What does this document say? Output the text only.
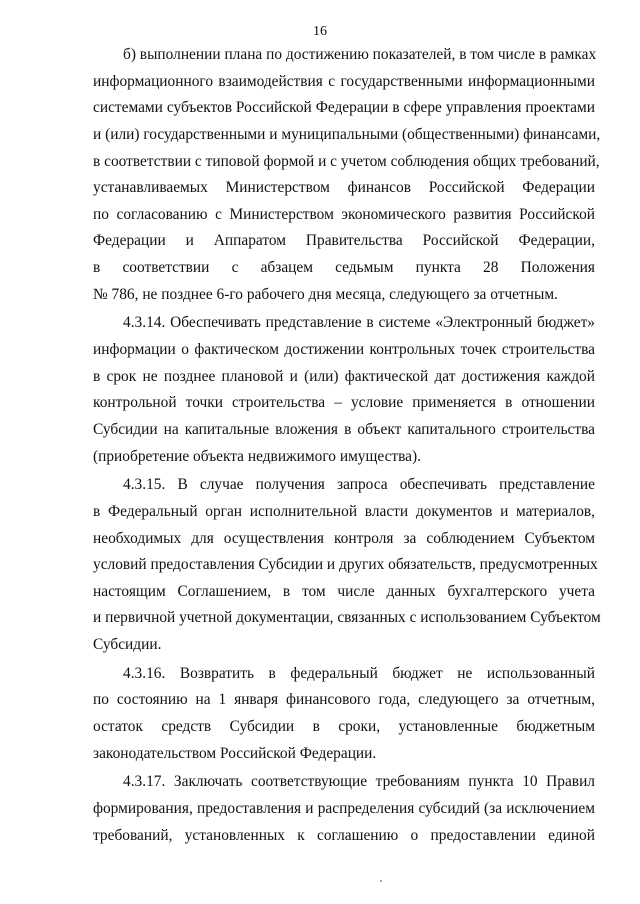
16
б) выполнении плана по достижению показателей, в том числе в рамках
информационного взаимодействия с государственными информационными
системами субъектов Российской Федерации в сфере управления проектами
и (или) государственными и муниципальными (общественными) финансами,
в соответствии с типовой формой и с учетом соблюдения общих требований,
устанавливаемых Министерством финансов Российской Федерации
по согласованию с Министерством экономического развития Российской
Федерации и Аппаратом Правительства Российской Федерации,
в соответствии с абзацем седьмым пункта 28 Положения
№ 786, не позднее 6-го рабочего дня месяца, следующего за отчетным.
4.3.14. Обеспечивать представление в системе «Электронный бюджет»
информации о фактическом достижении контрольных точек строительства
в срок не позднее плановой и (или) фактической дат достижения каждой
контрольной точки строительства – условие применяется в отношении
Субсидии на капитальные вложения в объект капитального строительства
(приобретение объекта недвижимого имущества).
4.3.15. В случае получения запроса обеспечивать представление
в Федеральный орган исполнительной власти документов и материалов,
необходимых для осуществления контроля за соблюдением Субъектом
условий предоставления Субсидии и других обязательств, предусмотренных
настоящим Соглашением, в том числе данных бухгалтерского учета
и первичной учетной документации, связанных с использованием Субъектом
Субсидии.
4.3.16. Возвратить в федеральный бюджет не использованный
по состоянию на 1 января финансового года, следующего за отчетным,
остаток средств Субсидии в сроки, установленные бюджетным
законодательством Российской Федерации.
4.3.17. Заключать соответствующие требованиям пункта 10 Правил
формирования, предоставления и распределения субсидий (за исключением
требований, установленных к соглашению о предоставлении единой
